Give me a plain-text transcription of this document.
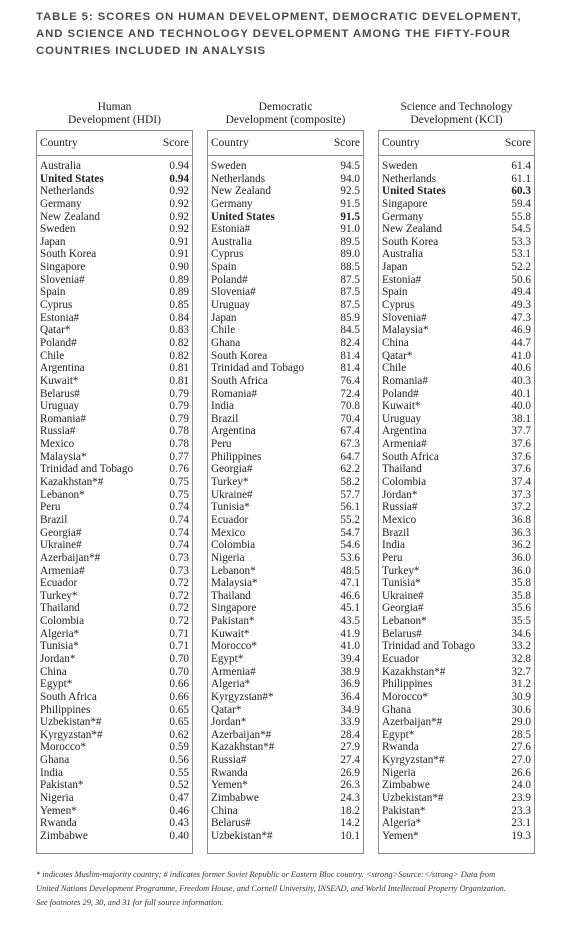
TABLE 5: SCORES ON HUMAN DEVELOPMENT, DEMOCRATIC DEVELOPMENT, AND SCIENCE AND TECHNOLOGY DEVELOPMENT AMONG THE FIFTY-FOUR COUNTRIES INCLUDED IN ANALYSIS
Human
Development (HDI)
Country	Score
Australia	0.94
United States	0.94
Netherlands	0.92
Germany	0.92
New Zealand	0.92
Sweden	0.92
Japan	0.91
South Korea	0.91
Singapore	0.90
Slovenia#	0.89
Spain	0.89
Cyprus	0.85
Estonia#	0.84
Qatar*	0.83
Poland#	0.82
Chile	0.82
Argentina	0.81
Kuwait*	0.81
Belarus#	0.79
Uruguay	0.79
Romania#	0.79
Russia#	0.78
Mexico	0.78
Malaysia*	0.77
Trinidad and Tobago	0.76
Kazakhstan*#	0.75
Lebanon*	0.75
Peru	0.74
Brazil	0.74
Georgia#	0.74
Ukraine#	0.74
Azerbaijan*#	0.73
Armenia#	0.73
Ecuador	0.72
Turkey*	0.72
Thailand	0.72
Colombia	0.72
Algeria*	0.71
Tunisia*	0.71
Jordan*	0.70
China	0.70
Egypt*	0.66
South Africa	0.66
Philippines	0.65
Uzbekistan*#	0.65
Kyrgyzstan*#	0.62
Morocco*	0.59
Ghana	0.56
India	0.55
Pakistan*	0.52
Nigeria	0.47
Yemen*	0.46
Rwanda	0.43
Zimbabwe	0.40
Democratic
Development (composite)
Country	Score
Sweden	94.5
Netherlands	94.0
New Zealand	92.5
Germany	91.5
United States	91.5
Estonia#	91.0
Australia	89.5
Cyprus	89.0
Spain	88.5
Poland#	87.5
Slovenia#	87.5
Uruguay	87.5
Japan	85.9
Chile	84.5
Ghana	82.4
South Korea	81.4
Trinidad and Tobago	81.4
South Africa	76.4
Romania#	72.4
India	70.8
Brazil	70.4
Argentina	67.4
Peru	67.3
Philippines	64.7
Georgia#	62.2
Turkey*	58.2
Ukraine#	57.7
Tunisia*	56.1
Ecuador	55.2
Mexico	54.7
Colombia	54.6
Nigeria	53.6
Lebanon*	48.5
Malaysia*	47.1
Thailand	46.6
Singapore	45.1
Pakistan*	43.5
Kuwait*	41.9
Morocco*	41.0
Egypt*	39.4
Armenia#	38.9
Algeria*	36.9
Kyrgyzstan#*	36.4
Qatar*	34.9
Jordan*	33.9
Azerbaijan*#	28.4
Kazakhstan*#	27.9
Russia#	27.4
Rwanda	26.9
Yemen*	26.3
Zimbabwe	24.3
China	18.2
Belarus#	14.2
Uzbekistan*#	10.1
Science and Technology
Development (KCI)
Country	Score
Sweden	61.4
Netherlands	61.1
United States	60.3
Singapore	59.4
Germany	55.8
New Zealand	54.5
South Korea	53.3
Australia	53.1
Japan	52.2
Estonia#	50.6
Spain	49.4
Cyprus	49.3
Slovenia#	47.3
Malaysia*	46.9
China	44.7
Qatar*	41.0
Chile	40.6
Romania#	40.3
Poland#	40.1
Kuwait*	40.0
Uruguay	38.1
Argentina	37.7
Armenia#	37.6
South Africa	37.6
Thailand	37.6
Colombia	37.4
Jordan*	37.3
Russia#	37.2
Mexico	36.8
Brazil	36.3
India	36.2
Peru	36.0
Turkey*	36.0
Tunisia*	35.8
Ukraine#	35.8
Georgia#	35.6
Lebanon*	35.5
Belarus#	34.6
Trinidad and Tobago	33.2
Ecuador	32.8
Kazakhstan*#	32.7
Philippines	31.2
Morocco*	30.9
Ghana	30.6
Azerbaijan*#	29.0
Egypt*	28.5
Rwanda	27.6
Kyrgyzstan*#	27.0
Nigeria	26.6
Zimbabwe	24.0
Uzbekistan*#	23.9
Pakistan*	23.3
Algeria*	23.1
Yemen*	19.3
* indicates Muslim-majority country; # indicates former Soviet Republic or Eastern Bloc country. <strong>Source:</strong> Data from United Nations Development Programme, Freedom House, and Cornell University, INSEAD, and World Intellectual Property Organization. See footnotes 29, 30, and 31 for full source information.
